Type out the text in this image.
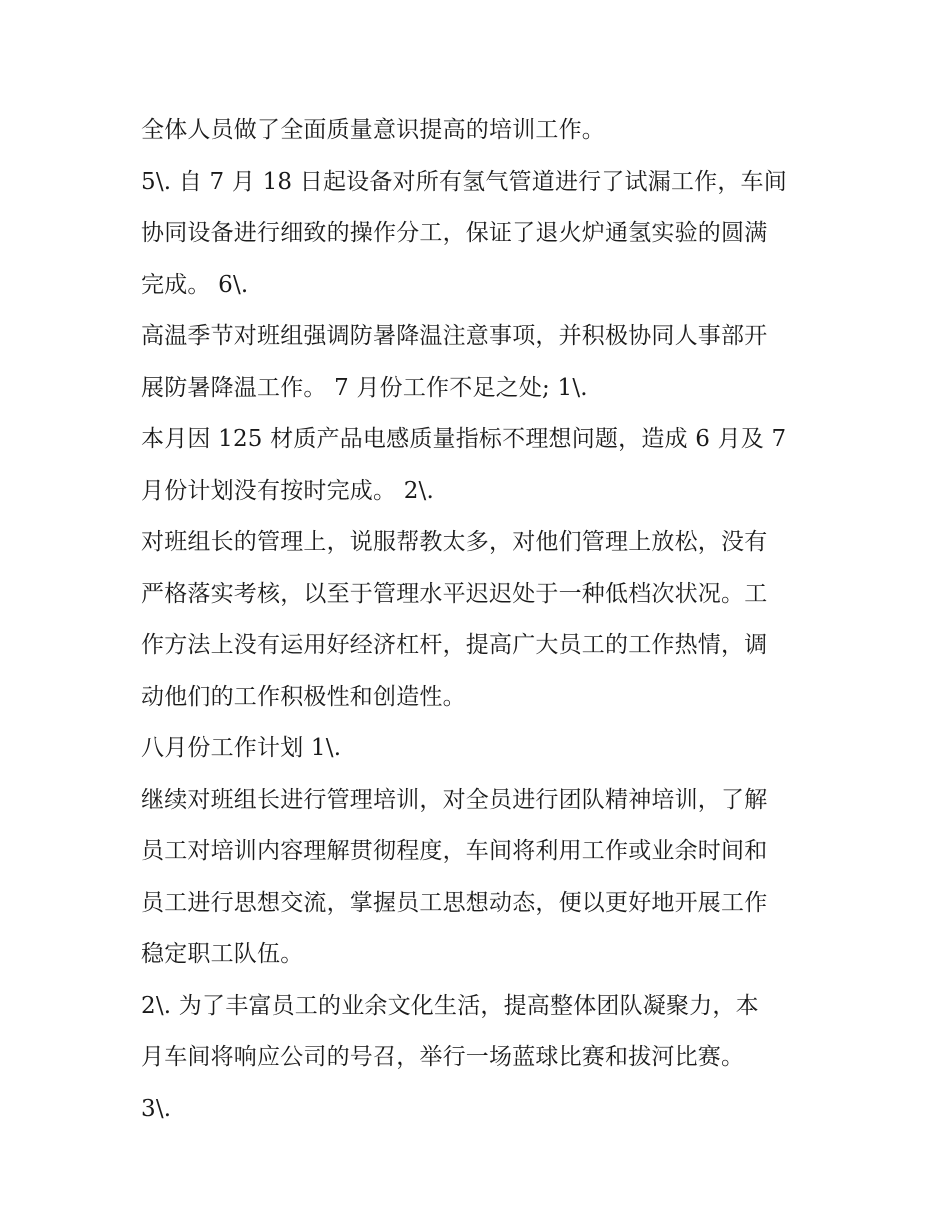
全体人员做了全面质量意识提高的培训工作。
5\. 自 7 月 18 日起设备对所有氢气管道进行了试漏工作，车间
协同设备进行细致的操作分工，保证了退火炉通氢实验的圆满
完成。 6\.
高温季节对班组强调防暑降温注意事项，并积极协同人事部开
展防暑降温工作。 7 月份工作不足之处; 1\.
本月因 125 材质产品电感质量指标不理想问题，造成 6 月及 7
月份计划没有按时完成。 2\.
对班组长的管理上，说服帮教太多，对他们管理上放松，没有
严格落实考核，以至于管理水平迟迟处于一种低档次状况。工
作方法上没有运用好经济杠杆，提高广大员工的工作热情，调
动他们的工作积极性和创造性。
八月份工作计划 1\.
继续对班组长进行管理培训，对全员进行团队精神培训，了解
员工对培训内容理解贯彻程度，车间将利用工作或业余时间和
员工进行思想交流，掌握员工思想动态，便以更好地开展工作
稳定职工队伍。
2\. 为了丰富员工的业余文化生活，提高整体团队凝聚力，本
月车间将响应公司的号召，举行一场蓝球比赛和拔河比赛。
3\.
